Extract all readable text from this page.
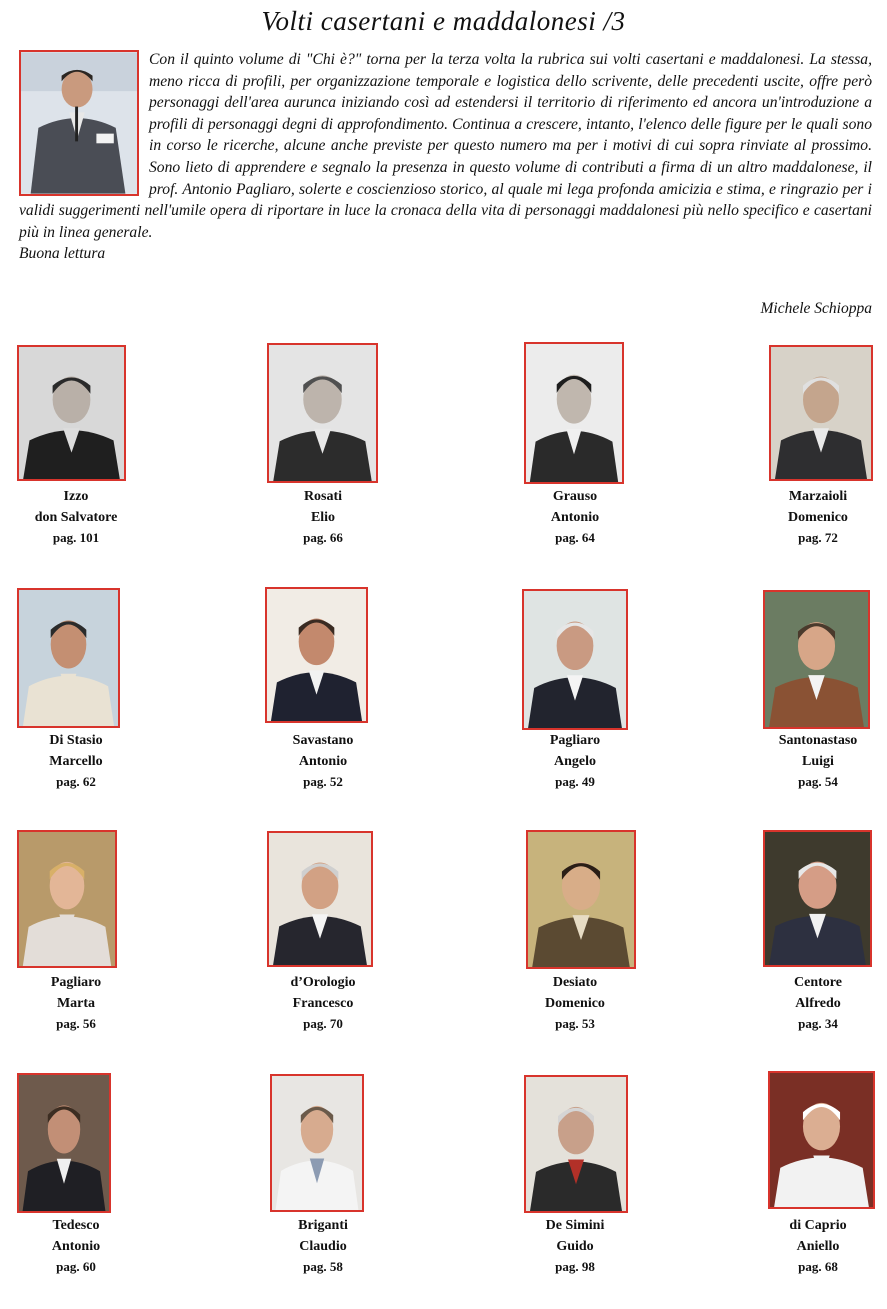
Volti casertani e maddalonesi /3
Con il quinto volume di "Chi è?" torna per la terza volta la rubrica sui volti casertani e maddalonesi. La stessa, meno ricca di profili, per organizzazione temporale e logistica dello scrivente, delle precedenti uscite, offre però personaggi dell'area aurunca iniziando così ad estendersi il territorio di riferimento ed ancora un'introduzione a profili di personaggi degni di approfondimento. Continua a crescere, intanto, l'elenco delle figure per le quali sono in corso le ricerche, alcune anche previste per questo numero ma per i motivi di cui sopra rinviate al prossimo. Sono lieto di apprendere e segnalo la presenza in questo volume di contributi a firma di un altro maddalonese, il prof. Antonio Pagliaro, solerte e coscienzioso storico, al quale mi lega profonda amicizia e stima, e ringrazio per i validi suggerimenti nell'umile opera di riportare in luce la cronaca della vita di personaggi maddalonesi più nello specifico e casertani più in linea generale.
Buona lettura
Michele Schioppa
Izzo
don Salvatore
pag. 101
Rosati
Elio
pag. 66
Grauso
Antonio
pag. 64
Marzaioli
Domenico
pag. 72
Di Stasio
Marcello
pag. 62
Savastano
Antonio
pag. 52
Pagliaro
Angelo
pag. 49
Santonastaso
Luigi
pag. 54
Pagliaro
Marta
pag. 56
d’Orologio
Francesco
pag. 70
Desiato
Domenico
pag. 53
Centore
Alfredo
pag. 34
Tedesco
Antonio
pag. 60
Briganti
Claudio
pag. 58
De Simini
Guido
pag. 98
di Caprio
Aniello
pag. 68
